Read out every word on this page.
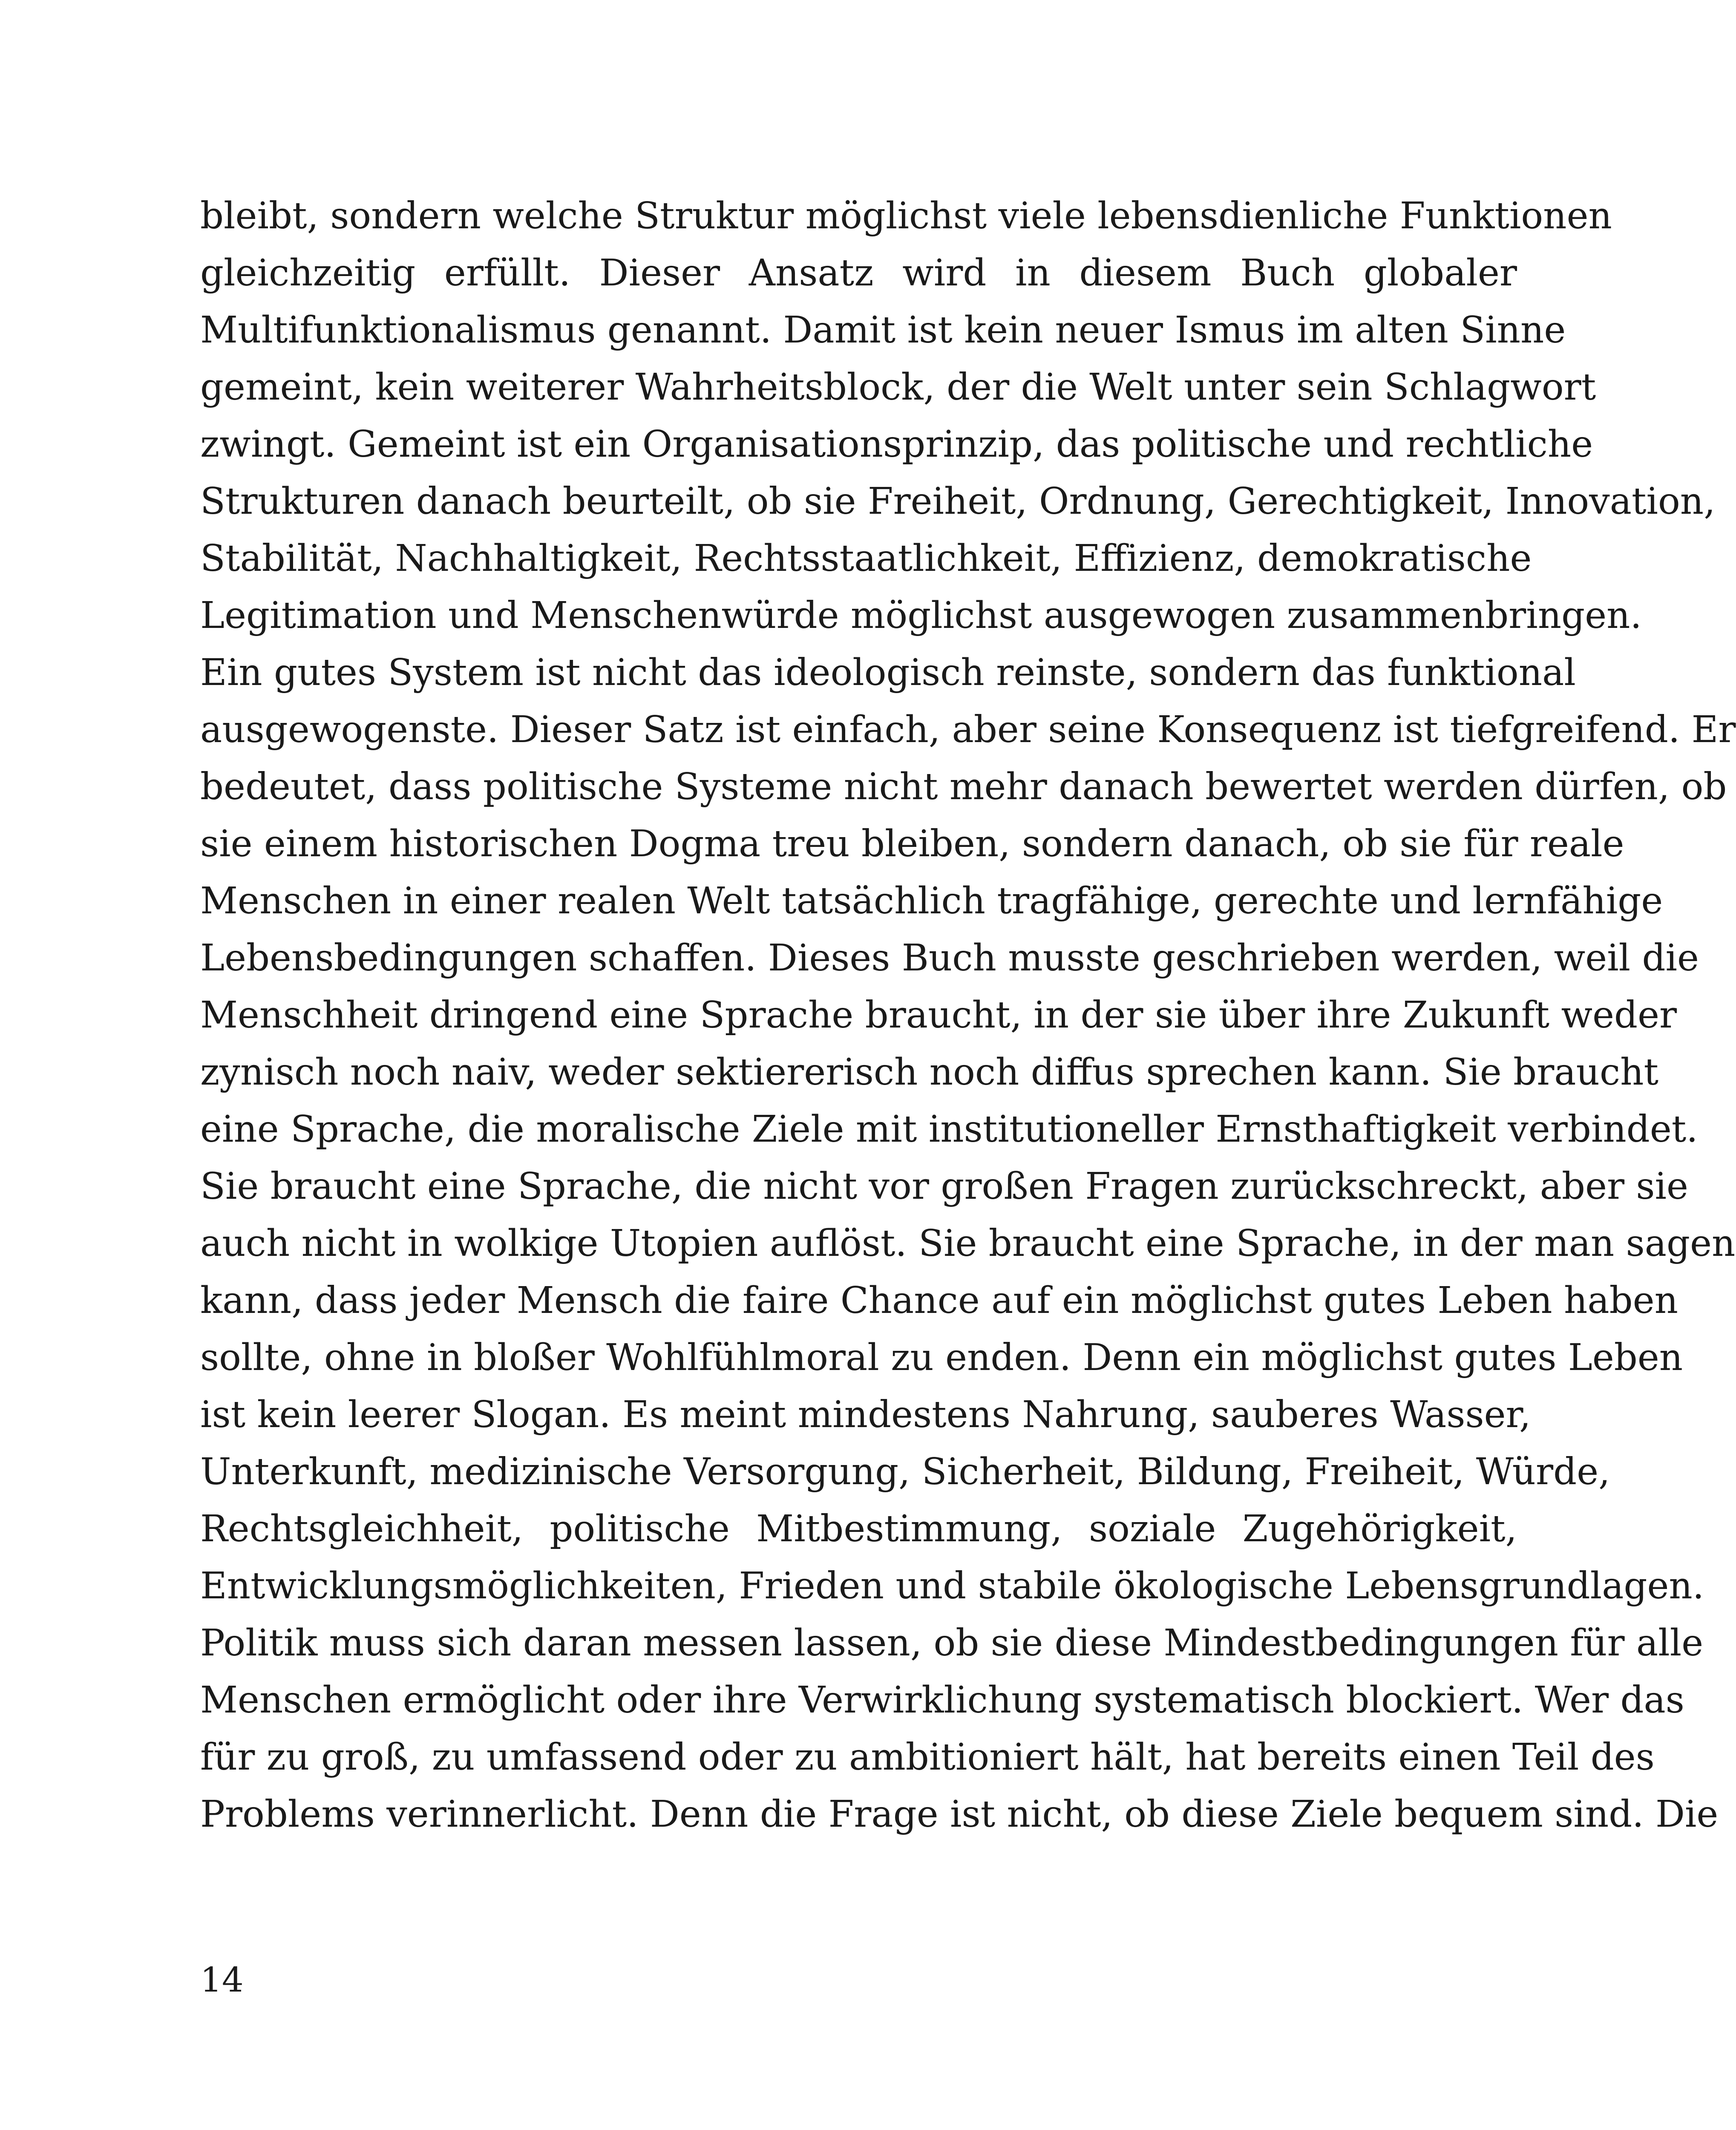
bleibt, sondern welche Struktur möglichst viele lebensdienliche Funktionen
gleichzeitig erfüllt. Dieser Ansatz wird in diesem Buch globaler
Multifunktionalismus genannt. Damit ist kein neuer Ismus im alten Sinne
gemeint, kein weiterer Wahrheitsblock, der die Welt unter sein Schlagwort
zwingt. Gemeint ist ein Organisationsprinzip, das politische und rechtliche
Strukturen danach beurteilt, ob sie Freiheit, Ordnung, Gerechtigkeit, Innovation,
Stabilität, Nachhaltigkeit, Rechtsstaatlichkeit, Effizienz, demokratische
Legitimation und Menschenwürde möglichst ausgewogen zusammenbringen.
Ein gutes System ist nicht das ideologisch reinste, sondern das funktional
ausgewogenste. Dieser Satz ist einfach, aber seine Konsequenz ist tiefgreifend. Er
bedeutet, dass politische Systeme nicht mehr danach bewertet werden dürfen, ob
sie einem historischen Dogma treu bleiben, sondern danach, ob sie für reale
Menschen in einer realen Welt tatsächlich tragfähige, gerechte und lernfähige
Lebensbedingungen schaffen. Dieses Buch musste geschrieben werden, weil die
Menschheit dringend eine Sprache braucht, in der sie über ihre Zukunft weder
zynisch noch naiv, weder sektiererisch noch diffus sprechen kann. Sie braucht
eine Sprache, die moralische Ziele mit institutioneller Ernsthaftigkeit verbindet.
Sie braucht eine Sprache, die nicht vor großen Fragen zurückschreckt, aber sie
auch nicht in wolkige Utopien auflöst. Sie braucht eine Sprache, in der man sagen
kann, dass jeder Mensch die faire Chance auf ein möglichst gutes Leben haben
sollte, ohne in bloßer Wohlfühlmoral zu enden. Denn ein möglichst gutes Leben
ist kein leerer Slogan. Es meint mindestens Nahrung, sauberes Wasser,
Unterkunft, medizinische Versorgung, Sicherheit, Bildung, Freiheit, Würde,
Rechtsgleichheit, politische Mitbestimmung, soziale Zugehörigkeit,
Entwicklungsmöglichkeiten, Frieden und stabile ökologische Lebensgrundlagen.
Politik muss sich daran messen lassen, ob sie diese Mindestbedingungen für alle
Menschen ermöglicht oder ihre Verwirklichung systematisch blockiert. Wer das
für zu groß, zu umfassend oder zu ambitioniert hält, hat bereits einen Teil des
Problems verinnerlicht. Denn die Frage ist nicht, ob diese Ziele bequem sind. Die

14
